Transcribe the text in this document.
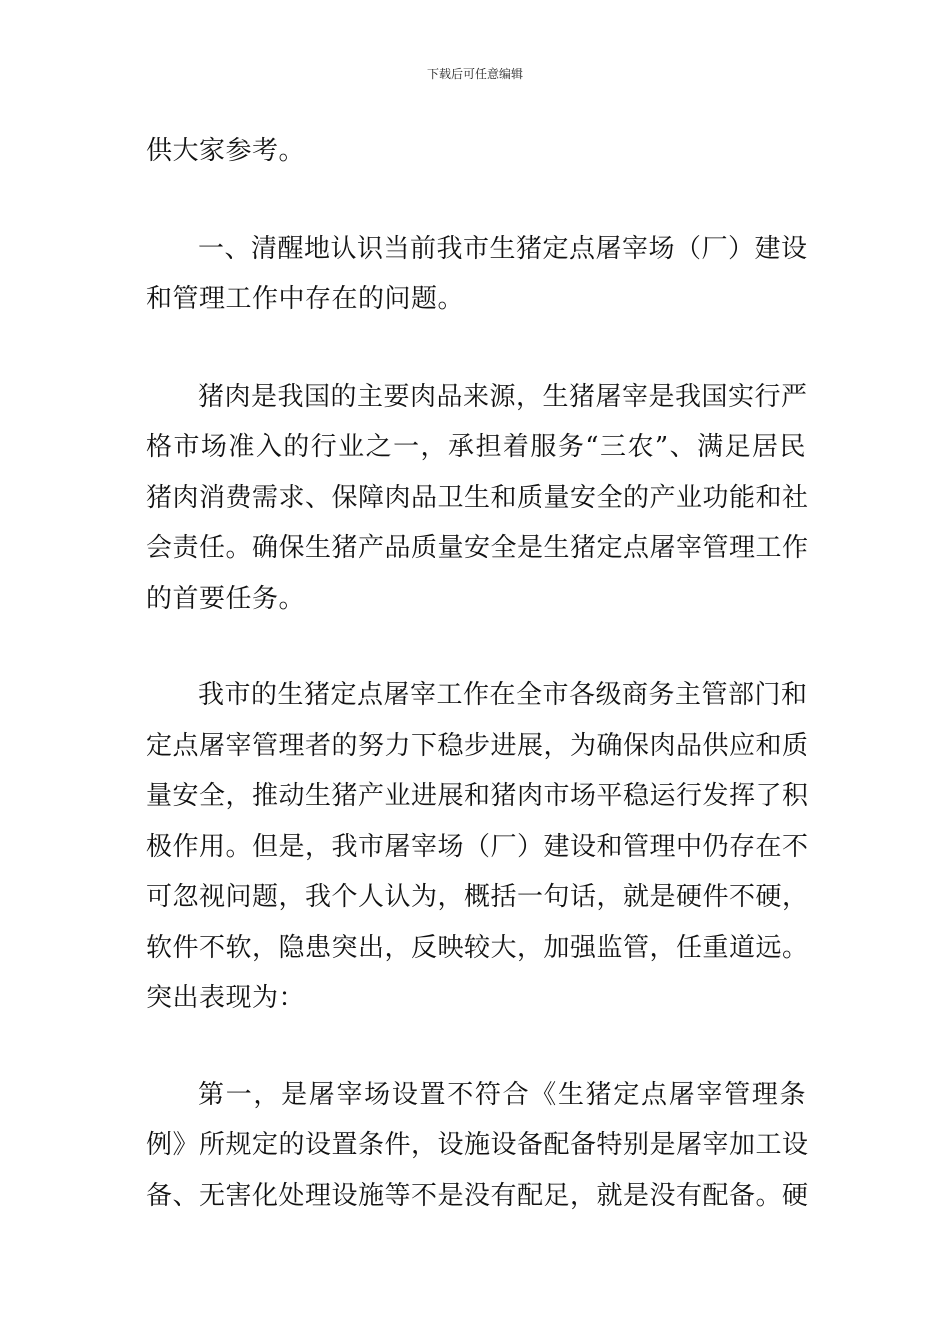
下载后可任意编辑

供大家参考。

一、清醒地认识当前我市生猪定点屠宰场（厂）建设
和管理工作中存在的问题。

猪肉是我国的主要肉品来源，生猪屠宰是我国实行严
格市场准入的行业之一，承担着服务“三农”、满足居民
猪肉消费需求、保障肉品卫生和质量安全的产业功能和社
会责任。确保生猪产品质量安全是生猪定点屠宰管理工作
的首要任务。

我市的生猪定点屠宰工作在全市各级商务主管部门和
定点屠宰管理者的努力下稳步进展，为确保肉品供应和质
量安全，推动生猪产业进展和猪肉市场平稳运行发挥了积
极作用。但是，我市屠宰场（厂）建设和管理中仍存在不
可忽视问题，我个人认为，概括一句话，就是硬件不硬，
软件不软，隐患突出，反映较大，加强监管，任重道远。
突出表现为：

第一，是屠宰场设置不符合《生猪定点屠宰管理条
例》所规定的设置条件，设施设备配备特别是屠宰加工设
备、无害化处理设施等不是没有配足，就是没有配备。硬
